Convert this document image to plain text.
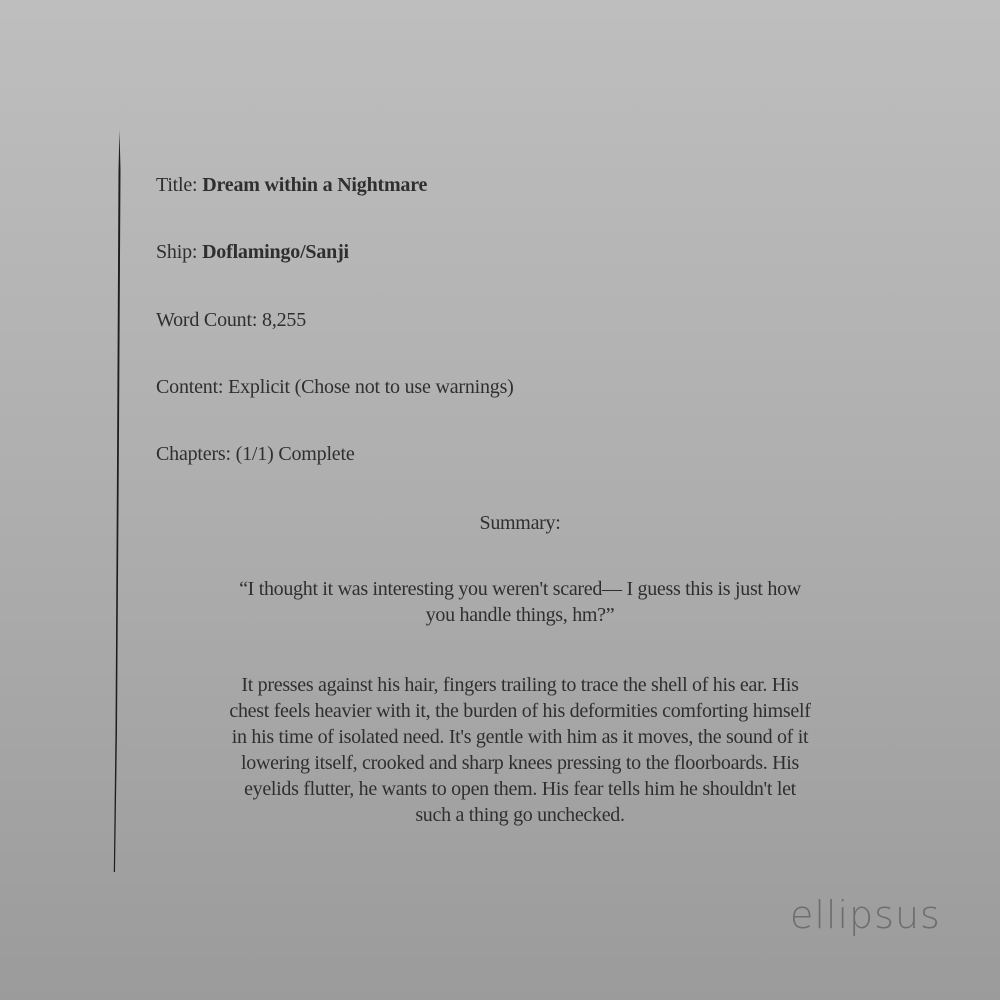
Title: Dream within a Nightmare
Ship: Doflamingo/Sanji
Word Count: 8,255
Content: Explicit (Chose not to use warnings)
Chapters: (1/1) Complete
Summary:
“I thought it was interesting you weren't scared— I guess this is just how
you handle things, hm?”
It presses against his hair, fingers trailing to trace the shell of his ear. His
chest feels heavier with it, the burden of his deformities comforting himself
in his time of isolated need. It's gentle with him as it moves, the sound of it
lowering itself, crooked and sharp knees pressing to the floorboards. His
eyelids flutter, he wants to open them. His fear tells him he shouldn't let
such a thing go unchecked.
ellipsus
